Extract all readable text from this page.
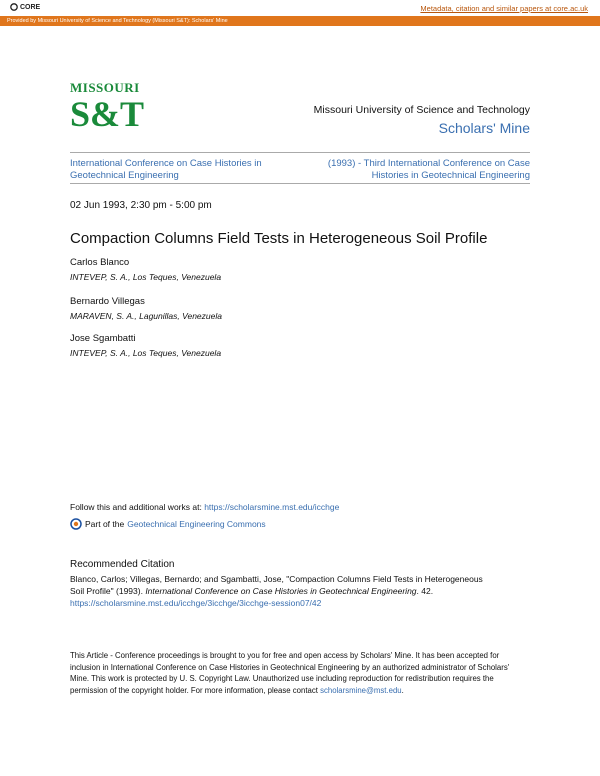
CORE	Metadata, citation and similar papers at core.ac.uk
Provided by Missouri University of Science and Technology (Missouri S&T): Scholars' Mine
MISSOURI
S&T	Missouri University of Science and Technology
Scholars' Mine
International Conference on Case Histories in Geotechnical Engineering
(1993) - Third International Conference on Case Histories in Geotechnical Engineering
02 Jun 1993, 2:30 pm - 5:00 pm
Compaction Columns Field Tests in Heterogeneous Soil Profile
Carlos Blanco
INTEVEP, S. A., Los Teques, Venezuela
Bernardo Villegas
MARAVEN, S. A., Lagunillas, Venezuela
Jose Sgambatti
INTEVEP, S. A., Los Teques, Venezuela
Follow this and additional works at: https://scholarsmine.mst.edu/icchge
Part of the Geotechnical Engineering Commons
Recommended Citation
Blanco, Carlos; Villegas, Bernardo; and Sgambatti, Jose, "Compaction Columns Field Tests in Heterogeneous Soil Profile" (1993). International Conference on Case Histories in Geotechnical Engineering. 42.
https://scholarsmine.mst.edu/icchge/3icchge/3icchge-session07/42
This Article - Conference proceedings is brought to you for free and open access by Scholars' Mine. It has been accepted for inclusion in International Conference on Case Histories in Geotechnical Engineering by an authorized administrator of Scholars' Mine. This work is protected by U. S. Copyright Law. Unauthorized use including reproduction for redistribution requires the permission of the copyright holder. For more information, please contact scholarsmine@mst.edu.
